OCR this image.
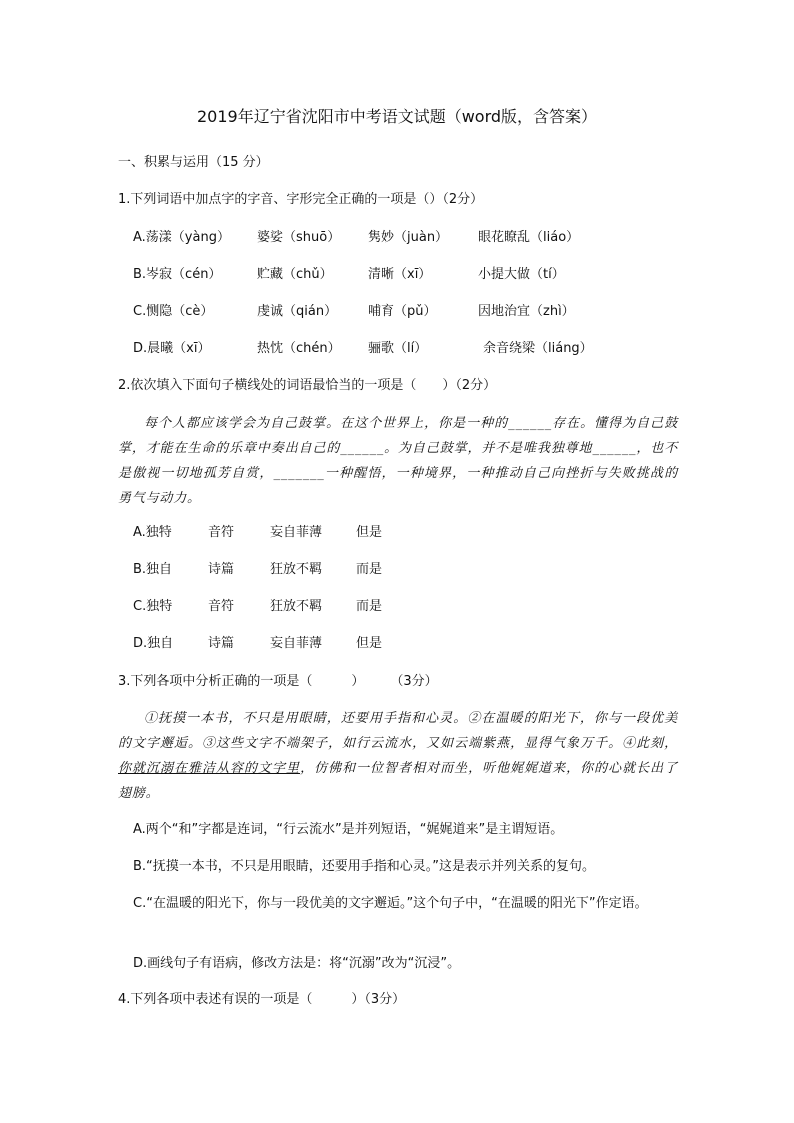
2019年辽宁省沈阳市中考语文试题（word版，含答案）
一、积累与运用（15 分）
1.下列词语中加点字的字音、字形完全正确的一项是（）（2分）
A.荡漾（yàng） 婆娑（shuō） 隽妙（juàn） 眼花瞭乱（liáo）
B.岑寂（cén）	贮藏（chǔ）	清晰（xī）	小提大做（tí）
C.恻隐（cè）	虔诚（qián） 哺育（pǔ）	因地治宜（zhì）
D.晨曦（xī）	热忱（chén） 骊歌（lí）	余音绕梁（liáng）
2.依次填入下面句子横线处的词语最恰当的一项是（　　）（2分）

每个人都应该学会为自己鼓掌。在这个世界上，你是一种的______存在。懂得为自己鼓掌，才能在生命的乐章中奏出自己的______。为自己鼓掌，并不是唯我独尊地______，也不是傲视一切地孤芳自赏，_______一种醒悟，一种境界，一种推动自己向挫折与失败挑战的勇气与动力。

A.独特	音符	妄自菲薄	但是
B.独自	诗篇	狂放不羁	而是
C.独特	音符	狂放不羁	而是
D.独自	诗篇	妄自菲薄	但是
3.下列各项中分析正确的一项是（　　　）　　　（3分）

①抚摸一本书，不只是用眼睛，还要用手指和心灵。②在温暖的阳光下，你与一段优美的文字邂逅。③这些文字不端架子，如行云流水，又如云端紫燕，显得气象万千。④此刻，你就沉溺在雅洁从容的文字里，仿佛和一位智者相对而坐，听他娓娓道来，你的心就长出了翅膀。

A.两个“和”字都是连词，“行云流水”是并列短语，“娓娓道来”是主谓短语。
B.“抚摸一本书，不只是用眼睛，还要用手指和心灵。”这是表示并列关系的复句。
C.“在温暖的阳光下，你与一段优美的文字邂逅。”这个句子中，“在温暖的阳光下”作定语。
D.画线句子有语病，修改方法是：将“沉溺”改为“沉浸”。
4.下列各项中表述有误的一项是（　　　）（3分）
